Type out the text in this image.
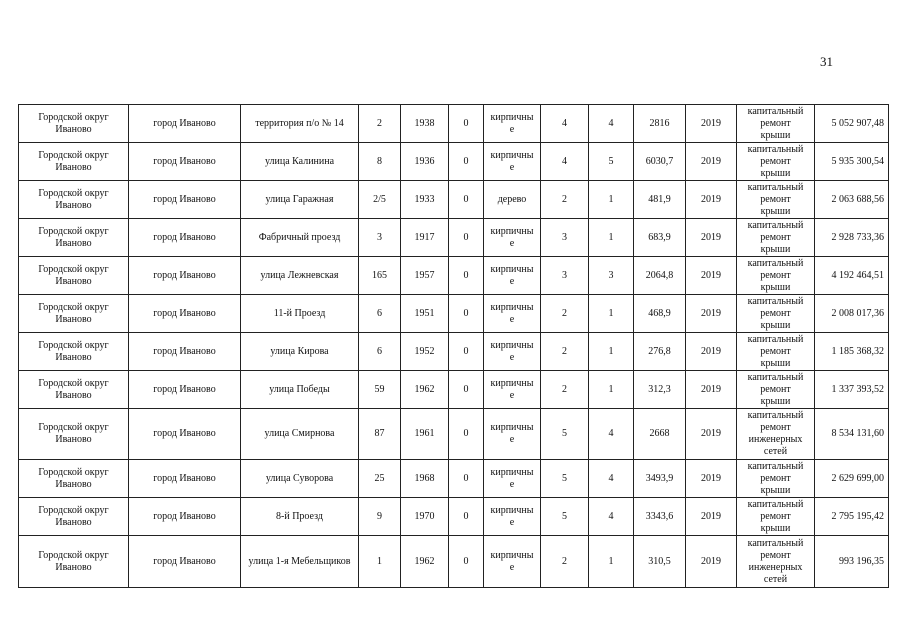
31
Городской округ Иваново	город Иваново	территория п/о № 14	2	1938	0	кирпичны
е	4	4	2816	2019	капитальный
ремонт
крыши	5 052 907,48
Городской округ Иваново	город Иваново	улица Калинина	8	1936	0	кирпичны
е	4	5	6030,7	2019	капитальный
ремонт
крыши	5 935 300,54
Городской округ Иваново	город Иваново	улица Гаражная	2/5	1933	0	дерево	2	1	481,9	2019	капитальный
ремонт
крыши	2 063 688,56
Городской округ Иваново	город Иваново	Фабричный проезд	3	1917	0	кирпичны
е	3	1	683,9	2019	капитальный
ремонт
крыши	2 928 733,36
Городской округ Иваново	город Иваново	улица Лежневская	165	1957	0	кирпичны
е	3	3	2064,8	2019	капитальный
ремонт
крыши	4 192 464,51
Городской округ Иваново	город Иваново	11-й Проезд	6	1951	0	кирпичны
е	2	1	468,9	2019	капитальный
ремонт
крыши	2 008 017,36
Городской округ Иваново	город Иваново	улица Кирова	6	1952	0	кирпичны
е	2	1	276,8	2019	капитальный
ремонт
крыши	1 185 368,32
Городской округ Иваново	город Иваново	улица Победы	59	1962	0	кирпичны
е	2	1	312,3	2019	капитальный
ремонт
крыши	1 337 393,52
Городской округ Иваново	город Иваново	улица Смирнова	87	1961	0	кирпичны
е	5	4	2668	2019	капитальный
ремонт
инженерных
сетей	8 534 131,60
Городской округ Иваново	город Иваново	улица Суворова	25	1968	0	кирпичны
е	5	4	3493,9	2019	капитальный
ремонт
крыши	2 629 699,00
Городской округ Иваново	город Иваново	8-й Проезд	9	1970	0	кирпичны
е	5	4	3343,6	2019	капитальный
ремонт
крыши	2 795 195,42
Городской округ Иваново	город Иваново	улица 1-я Мебельщиков	1	1962	0	кирпичны
е	2	1	310,5	2019	капитальный
ремонт
инженерных
сетей	993 196,35
